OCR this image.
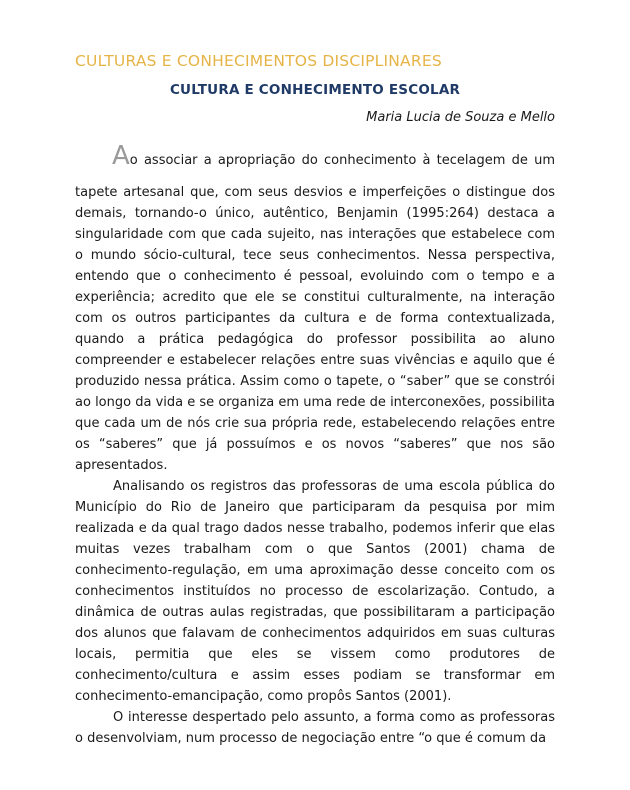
CULTURAS E CONHECIMENTOS DISCIPLINARES
CULTURA E CONHECIMENTO ESCOLAR
Maria Lucia de Souza e Mello
Ao associar a apropriação do conhecimento à tecelagem de um

tapete artesanal que, com seus desvios e imperfeições o distingue dos demais, tornando-o único, autêntico, Benjamin (1995:264) destaca a singularidade com que cada sujeito, nas interações que estabelece com o mundo sócio-cultural, tece seus conhecimentos. Nessa perspectiva, entendo que o conhecimento é pessoal, evoluindo com o tempo e a experiência; acredito que ele se constitui culturalmente, na interação com os outros participantes da cultura e de forma contextualizada, quando a prática pedagógica do professor possibilita ao aluno compreender e estabelecer relações entre suas vivências e aquilo que é produzido nessa prática. Assim como o tapete, o “saber” que se constrói ao longo da vida e se organiza em uma rede de interconexões, possibilita que cada um de nós crie sua própria rede, estabelecendo relações entre os “saberes” que já possuímos e os novos “saberes” que nos são apresentados.

Analisando os registros das professoras de uma escola pública do Município do Rio de Janeiro que participaram da pesquisa por mim realizada e da qual trago dados nesse trabalho, podemos inferir que elas muitas vezes trabalham com o que Santos (2001) chama de conhecimento-regulação, em uma aproximação desse conceito com os conhecimentos instituídos no processo de escolarização. Contudo, a dinâmica de outras aulas registradas, que possibilitaram a participação dos alunos que falavam de conhecimentos adquiridos em suas culturas locais, permitia que eles se vissem como produtores de conhecimento/cultura e assim esses podiam se transformar em conhecimento-emancipação, como propôs Santos (2001).

O interesse despertado pelo assunto, a forma como as professoras o desenvolviam, num processo de negociação entre “o que é comum da
